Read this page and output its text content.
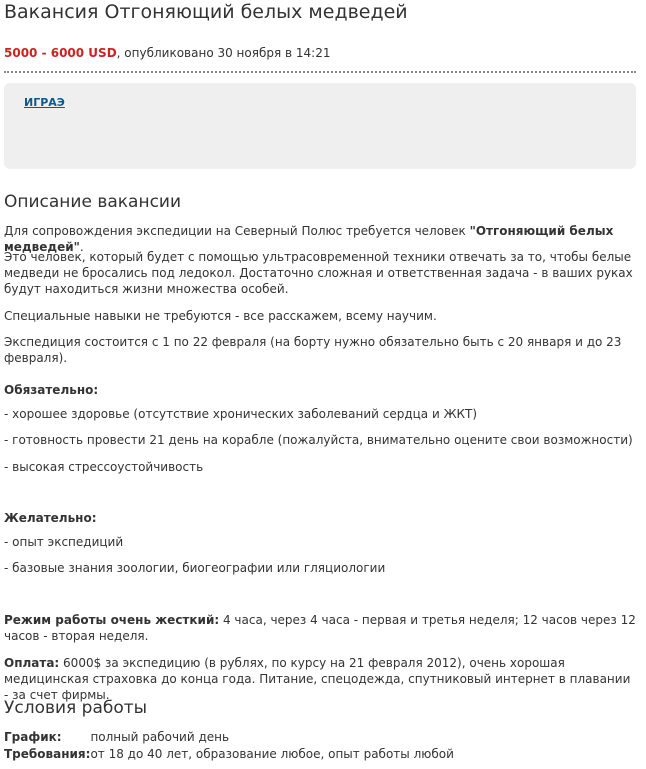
Вакансия Отгоняющий белых медведей
5000 - 6000 USD, опубликовано 30 ноября в 14:21
ИГРАЭ
Описание вакансии
Для сопровождения экспедиции на Северный Полюс требуется человек "Отгоняющий белых медведей".
Это человек, который будет с помощью ультрасовременной техники отвечать за то, чтобы белые медведи не бросались под ледокол. Достаточно сложная и ответственная задача - в ваших руках будут находиться жизни множества особей.
Специальные навыки не требуются - все расскажем, всему научим.
Экспедиция состоится с 1 по 22 февраля (на борту нужно обязательно быть с 20 января и до 23 февраля).
Обязательно:
- хорошее здоровье (отсутствие хронических заболеваний сердца и ЖКТ)
- готовность провести 21 день на корабле (пожалуйста, внимательно оцените свои возможности)
- высокая стрессоустойчивость
Желательно:
- опыт экспедиций
- базовые знания зоологии, биогеографии или гляциологии
Режим работы очень жесткий: 4 часа, через 4 часа - первая и третья неделя; 12 часов через 12 часов - вторая неделя.
Оплата: 6000$ за экспедицию (в рублях, по курсу на 21 февраля 2012), очень хорошая медицинская страховка до конца года. Питание, спецодежда, спутниковый интернет в плавании - за счет фирмы.
Условия работы
График:	полный рабочий день
Требования:	от 18 до 40 лет, образование любое, опыт работы любой
